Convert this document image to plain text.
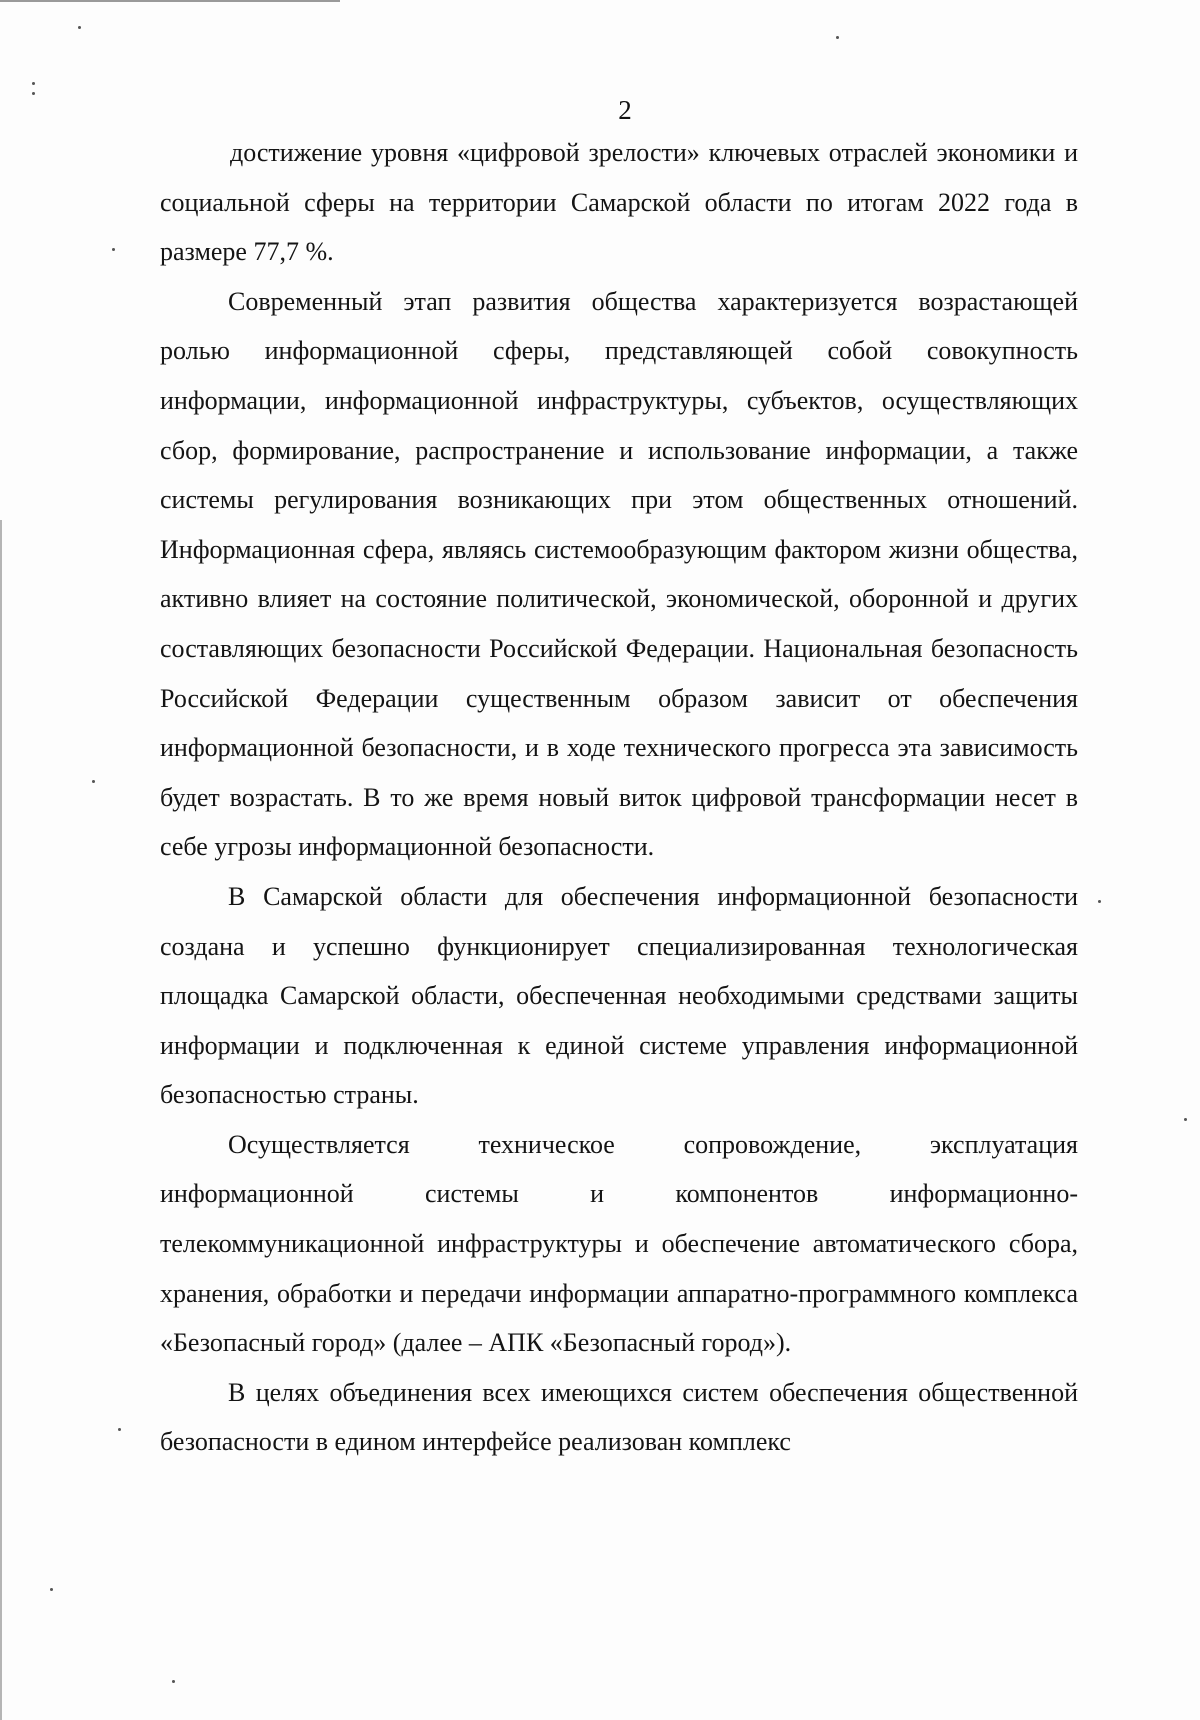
2

достижение уровня «цифровой зрелости» ключевых отраслей экономики и социальной сферы на территории Самарской области по итогам 2022 года в размере 77,7 %.

Современный этап развития общества характеризуется возрастающей ролью информационной сферы, представляющей собой совокупность информации, информационной инфраструктуры, субъектов, осуществляющих сбор, формирование, распространение и использование информации, а также системы регулирования возникающих при этом общественных отношений. Информационная сфера, являясь системообразующим фактором жизни общества, активно влияет на состояние политической, экономической, оборонной и других составляющих безопасности Российской Федерации. Национальная безопасность Российской Федерации существенным образом зависит от обеспечения информационной безопасности, и в ходе технического прогресса эта зависимость будет возрастать. В то же время новый виток цифровой трансформации несет в себе угрозы информационной безопасности.

В Самарской области для обеспечения информационной безопасности создана и успешно функционирует специализированная технологическая площадка Самарской области, обеспеченная необходимыми средствами защиты информации и подключенная к единой системе управления информационной безопасностью страны.

Осуществляется техническое сопровождение, эксплуатация информационной системы и компонентов информационно-телекоммуникационной инфраструктуры и обеспечение автоматического сбора, хранения, обработки и передачи информации аппаратно-программного комплекса «Безопасный город» (далее – АПК «Безопасный город»).

В целях объединения всех имеющихся систем обеспечения общественной безопасности в едином интерфейсе реализован комплекс
